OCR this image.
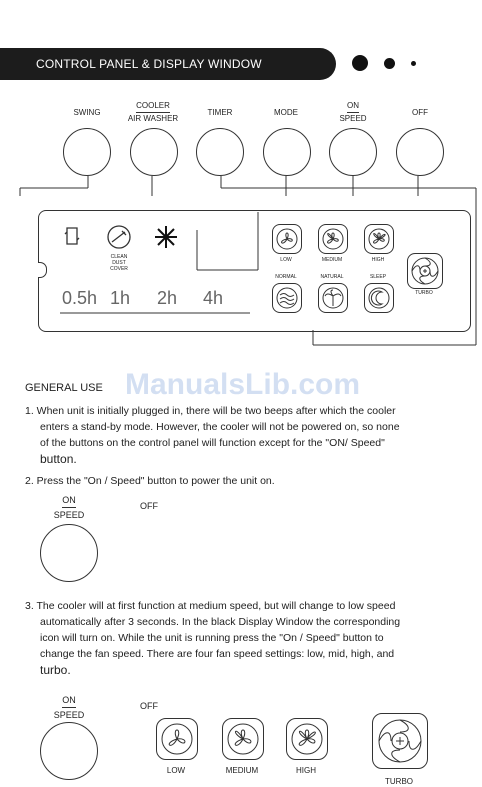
CONTROL PANEL & DISPLAY WINDOW
SWING
COOLER
AIR WASHER
TIMER	MODE
ON
SPEED
OFF
CLEAN
DUST
COVER
0.5h 1h 2h 4h
LOW	MEDIUM	HIGH
NORMAL	NATURAL	SLEEP
TURBO
ManualsLib.com
GENERAL USE
1. When unit is initially plugged in, there will be two beeps after which the cooler
enters a stand-by mode. However, the cooler will not be powered on, so none
of the buttons on the control panel will function except for the "ON/ Speed"
button.
2. Press the "On / Speed" button to power the unit on.
ON
SPEED
OFF
3. The cooler will at first function at medium speed, but will change to low speed
automatically after 3 seconds. In the black Display Window the corresponding
icon will turn on. While the unit is running press the "On / Speed" button to
change the fan speed. There are four fan speed settings: low, mid, high, and
turbo.
ON
SPEED
OFF
LOW	MEDIUM	HIGH
TURBO
